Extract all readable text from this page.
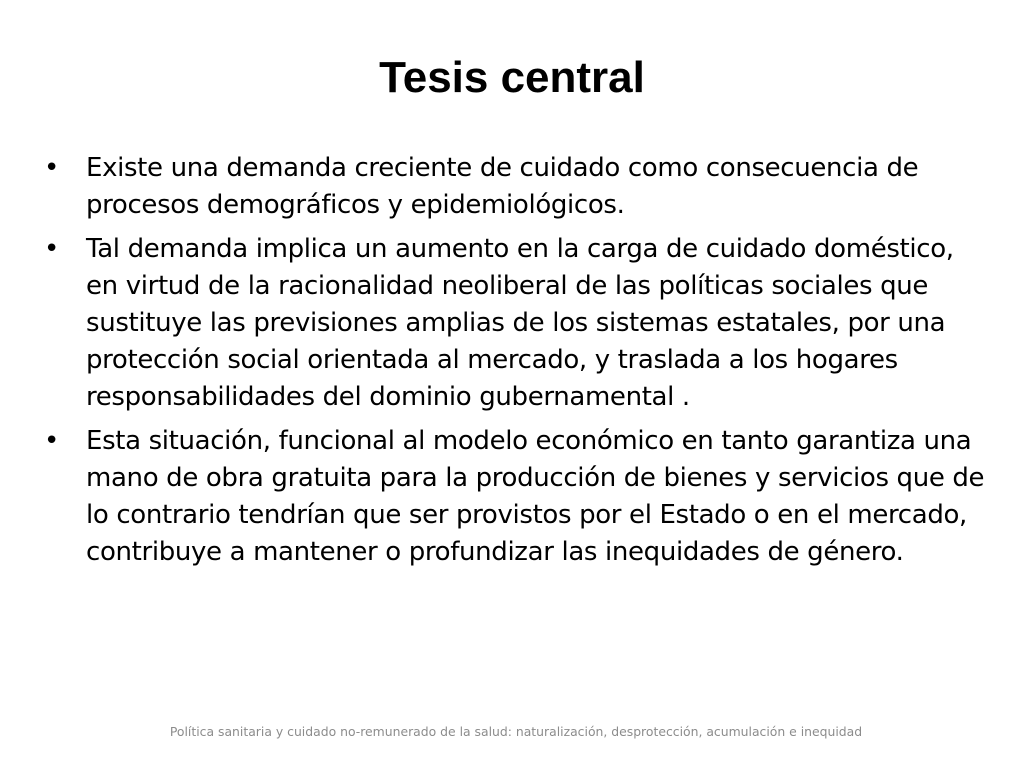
Tesis central
•	Existe una demanda creciente de cuidado como consecuencia de procesos demográficos y epidemiológicos.
•	Tal demanda implica un aumento en la carga de cuidado doméstico, en virtud de la racionalidad neoliberal de las políticas sociales que sustituye las previsiones amplias de los sistemas estatales, por una protección social orientada al mercado, y traslada a los hogares responsabilidades del dominio gubernamental .
•	Esta situación, funcional al modelo económico en tanto garantiza una mano de obra gratuita para la producción de bienes y servicios que de lo contrario tendrían que ser provistos por el Estado o en el mercado, contribuye a mantener o profundizar las inequidades de género.
Política sanitaria y cuidado no-remunerado de la salud: naturalización, desprotección, acumulación e inequidad
